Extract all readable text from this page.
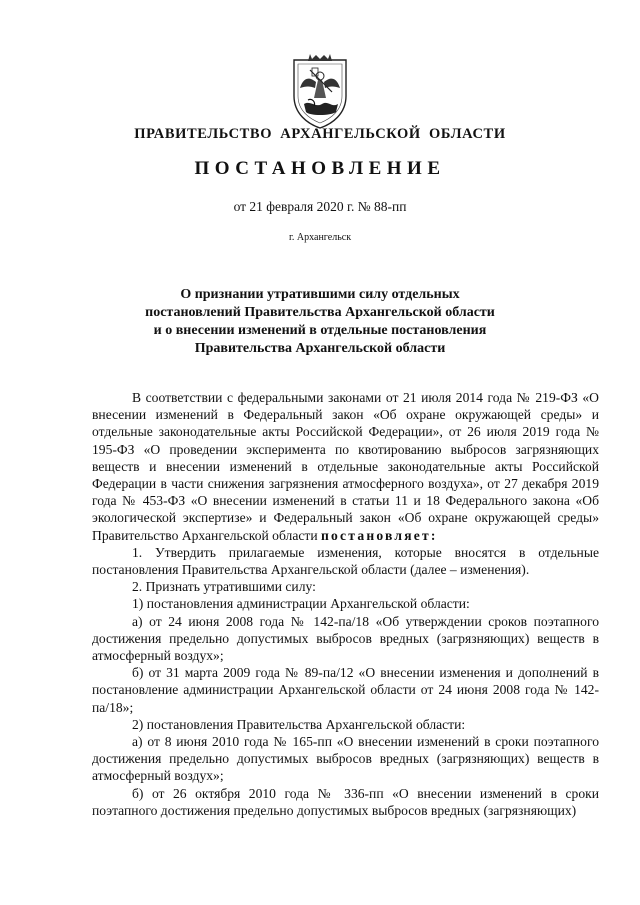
ПРАВИТЕЛЬСТВО АРХАНГЕЛЬСКОЙ ОБЛАСТИ
ПОСТАНОВЛЕНИЕ
от 21 февраля 2020 г. № 88-пп
г. Архангельск
О признании утратившими силу отдельных
постановлений Правительства Архангельской области
и о внесении изменений в отдельные постановления
Правительства Архангельской области

В соответствии с федеральными законами от 21 июля 2014 года № 219-ФЗ «О внесении изменений в Федеральный закон «Об охране окружающей среды» и отдельные законодательные акты Российской Федерации», от 26 июля 2019 года № 195-ФЗ «О проведении эксперимента по квотированию выбросов загрязняющих веществ и внесении изменений в отдельные законодательные акты Российской Федерации в части снижения загрязнения атмосферного воздуха», от 27 декабря 2019 года № 453-ФЗ «О внесении изменений в статьи 11 и 18 Федерального закона «Об экологической экспертизе» и Федеральный закон «Об охране окружающей среды» Правительство Архангельской области постановляет:

1. Утвердить прилагаемые изменения, которые вносятся в отдельные постановления Правительства Архангельской области (далее – изменения).

2. Признать утратившими силу:

1) постановления администрации Архангельской области:

а) от 24 июня 2008 года № 142-па/18 «Об утверждении сроков поэтапного достижения предельно допустимых выбросов вредных (загрязняющих) веществ в атмосферный воздух»;

б) от 31 марта 2009 года № 89-па/12 «О внесении изменения и дополнений в постановление администрации Архангельской области от 24 июня 2008 года № 142-па/18»;

2) постановления Правительства Архангельской области:

а) от 8 июня 2010 года № 165-пп «О внесении изменений в сроки поэтапного достижения предельно допустимых выбросов вредных (загрязняющих) веществ в атмосферный воздух»;

б) от 26 октября 2010 года № 336-пп «О внесении изменений в сроки поэтапного достижения предельно допустимых выбросов вредных (загрязняющих)
